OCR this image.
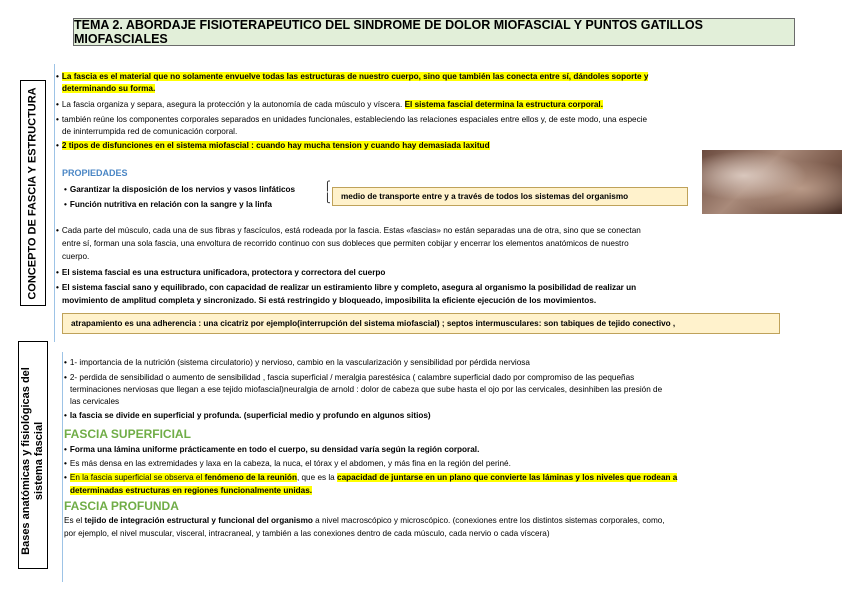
TEMA 2. ABORDAJE FISIOTERAPEUTICO DEL SINDROME DE DOLOR MIOFASCIAL Y PUNTOS GATILLOS MIOFASCIALES
CONCEPTO DE FASCIA Y ESTRUCTURA
• La fascia es el material que no solamente envuelve todas las estructuras de nuestro cuerpo, sino que también las conecta entre sí, dándoles soporte y
determinando su forma.
• La fascia organiza y separa, asegura la protección y la autonomía de cada músculo y víscera. El sistema fascial determina la estructura corporal.
• también reúne los componentes corporales separados en unidades funcionales, estableciendo las relaciones espaciales entre ellos y, de este modo, una especie
de ininterrumpida red de comunicación corporal.
• 2 tipos de disfunciones en el sistema miofascial : cuando hay mucha tension y cuando hay demasiada laxitud
PROPIEDADES
• Garantizar la disposición de los nervios y vasos linfáticos
• Función nutritiva en relación con la sangre y la linfa
⎧
⎩ medio de transporte entre y a través de todos los sistemas del organismo
• Cada parte del músculo, cada una de sus fibras y fascículos, está rodeada por la fascia. Estas «fascias» no están separadas una de otra, sino que se conectan
entre sí, forman una sola fascia, una envoltura de recorrido continuo con sus dobleces que permiten cobijar y encerrar los elementos anatómicos de nuestro
cuerpo.
• El sistema fascial es una estructura unificadora, protectora y correctora del cuerpo
• El sistema fascial sano y equilibrado, con capacidad de realizar un estiramiento libre y completo, asegura al organismo la posibilidad de realizar un
movimiento de amplitud completa y sincronizado. Si está restringido y bloqueado, imposibilita la eficiente ejecución de los movimientos.
atrapamiento es una adherencia : una cicatriz por ejemplo(interrupción del sistema miofascial) ; septos intermusculares: son tabiques de tejido conectivo ,
Bases anatómicas y fisiológicas del
sistema fascial
• 1- importancia de la nutrición (sistema circulatorio) y nervioso, cambio en la vascularización y sensibilidad por pérdida nerviosa
• 2- perdida de sensibilidad o aumento de sensibilidad , fascia superficial / meralgia parestésica ( calambre superficial dado por compromiso de las pequeñas
terminaciones nerviosas que llegan a ese tejido miofascial)neuralgia de arnold : dolor de cabeza que sube hasta el ojo por las cervicales, desinhiben las presión de
las cervicales
• la fascia se divide en superficial y profunda. (superficial medio y profundo en algunos sitios)
FASCIA SUPERFICIAL
• Forma una lámina uniforme prácticamente en todo el cuerpo, su densidad varía según la región corporal.
• Es más densa en las extremidades y laxa en la cabeza, la nuca, el tórax y el abdomen, y más fina en la región del periné.
• En la fascia superficial se observa el fenómeno de la reunión, que es la capacidad de juntarse en un plano que convierte las láminas y los niveles que rodean a
determinadas estructuras en regiones funcionalmente unidas.
FASCIA PROFUNDA
Es el tejido de integración estructural y funcional del organismo a nivel macroscópico y microscópico. (conexiones entre los distintos sistemas corporales, como,
por ejemplo, el nivel muscular, visceral, intracraneal, y también a las conexiones dentro de cada músculo, cada nervio o cada víscera)
